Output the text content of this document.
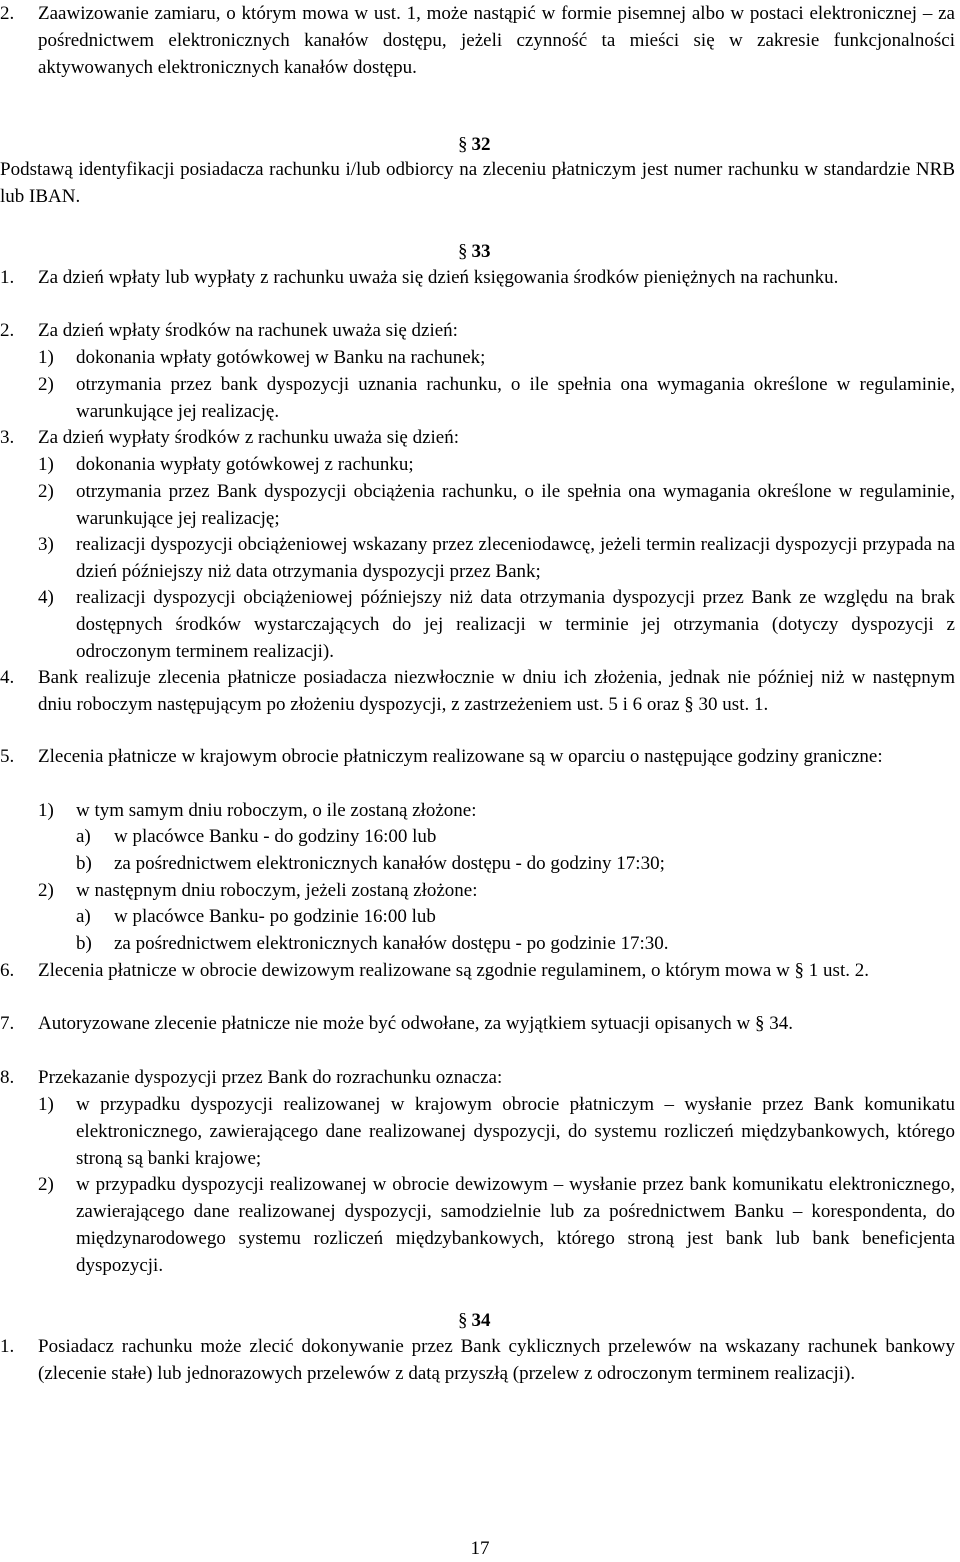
2. Zaawizowanie zamiaru, o którym mowa w ust. 1, może nastąpić w formie pisemnej albo w postaci elektronicznej – za pośrednictwem elektronicznych kanałów dostępu, jeżeli czynność ta mieści się w zakresie funkcjonalności aktywowanych elektronicznych kanałów dostępu.

§ 32

Podstawą identyfikacji posiadacza rachunku i/lub odbiorcy na zleceniu płatniczym jest numer rachunku w standardzie NRB lub IBAN.

§ 33
1. Za dzień wpłaty lub wypłaty z rachunku uważa się dzień księgowania środków pieniężnych na rachunku.

2. Za dzień wpłaty środków na rachunek uważa się dzień:

1) dokonania wpłaty gotówkowej w Banku na rachunek;

2) otrzymania przez bank dyspozycji uznania rachunku, o ile spełnia ona wymagania określone w regulaminie, warunkujące jej realizację.

3. Za dzień wypłaty środków z rachunku uważa się dzień:

1) dokonania wypłaty gotówkowej z rachunku;

2) otrzymania przez Bank dyspozycji obciążenia rachunku, o ile spełnia ona wymagania określone w regulaminie, warunkujące jej realizację;

3) realizacji dyspozycji obciążeniowej wskazany przez zleceniodawcę, jeżeli termin realizacji dyspozycji przypada na dzień późniejszy niż data otrzymania dyspozycji przez Bank;

4) realizacji dyspozycji obciążeniowej późniejszy niż data otrzymania dyspozycji przez Bank ze względu na brak dostępnych środków wystarczających do jej realizacji w terminie jej otrzymania (dotyczy dyspozycji z odroczonym terminem realizacji).

4. Bank realizuje zlecenia płatnicze posiadacza niezwłocznie w dniu ich złożenia, jednak nie później niż w następnym dniu roboczym następującym po złożeniu dyspozycji, z zastrzeżeniem ust. 5 i 6 oraz § 30 ust. 1.

5. Zlecenia płatnicze w krajowym obrocie płatniczym realizowane są w oparciu o następujące godziny graniczne:

1) w tym samym dniu roboczym, o ile zostaną złożone:

a) w placówce Banku - do godziny 16:00 lub

b) za pośrednictwem elektronicznych kanałów dostępu - do godziny 17:30;

2) w następnym dniu roboczym, jeżeli zostaną złożone:

a) w placówce Banku- po godzinie 16:00 lub

b) za pośrednictwem elektronicznych kanałów dostępu - po godzinie 17:30.

6. Zlecenia płatnicze w obrocie dewizowym realizowane są zgodnie regulaminem, o którym mowa w § 1 ust. 2.

7. Autoryzowane zlecenie płatnicze nie może być odwołane, za wyjątkiem sytuacji opisanych w § 34.

8. Przekazanie dyspozycji przez Bank do rozrachunku oznacza:

1) w przypadku dyspozycji realizowanej w krajowym obrocie płatniczym – wysłanie przez Bank komunikatu elektronicznego, zawierającego dane realizowanej dyspozycji, do systemu rozliczeń międzybankowych, którego stroną są banki krajowe;

2) w przypadku dyspozycji realizowanej w obrocie dewizowym – wysłanie przez bank komunikatu elektronicznego, zawierającego dane realizowanej dyspozycji, samodzielnie lub za pośrednictwem Banku – korespondenta, do międzynarodowego systemu rozliczeń międzybankowych, którego stroną jest bank lub bank beneficjenta dyspozycji.

§ 34
1. Posiadacz rachunku może zlecić dokonywanie przez Bank cyklicznych przelewów na wskazany rachunek bankowy (zlecenie stałe) lub jednorazowych przelewów z datą przyszłą (przelew z odroczonym terminem realizacji).

17
